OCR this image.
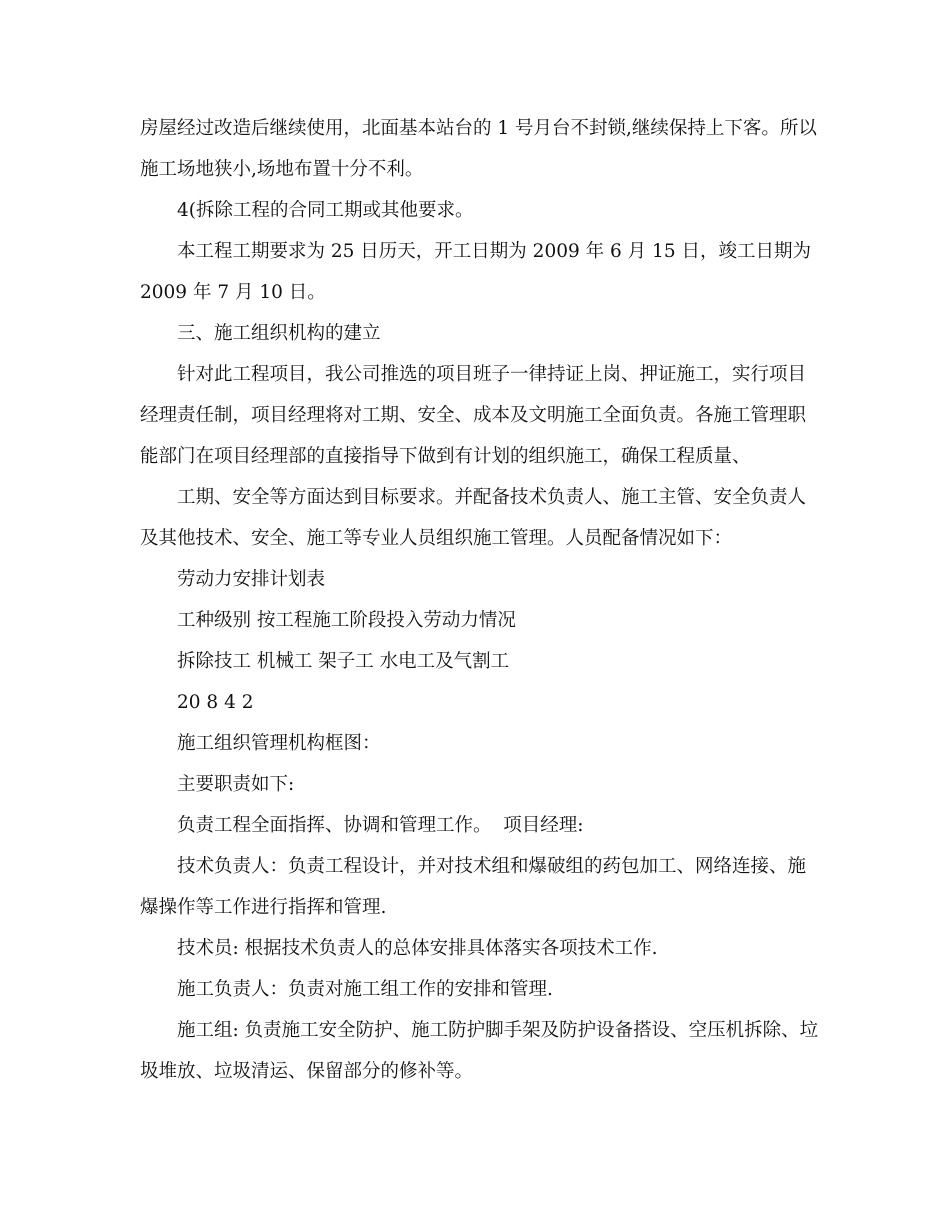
房屋经过改造后继续使用，北面基本站台的 1 号月台不封锁,继续保持上下客。所以施工场地狭小,场地布置十分不利。

4(拆除工程的合同工期或其他要求。

本工程工期要求为 25 日历天，开工日期为 2009 年 6 月 15 日，竣工日期为 2009 年 7 月 10 日。

三、施工组织机构的建立

针对此工程项目，我公司推选的项目班子一律持证上岗、押证施工，实行项目经理责任制，项目经理将对工期、安全、成本及文明施工全面负责。各施工管理职能部门在项目经理部的直接指导下做到有计划的组织施工，确保工程质量、

工期、安全等方面达到目标要求。并配备技术负责人、施工主管、安全负责人及其他技术、安全、施工等专业人员组织施工管理。人员配备情况如下：

劳动力安排计划表

工种级别 按工程施工阶段投入劳动力情况

拆除技工 机械工 架子工 水电工及气割工

20 8 4 2

施工组织管理机构框图：

主要职责如下:

负责工程全面指挥、协调和管理工作。  项目经理:

技术负责人：负责工程设计，并对技术组和爆破组的药包加工、网络连接、施爆操作等工作进行指挥和管理.

技术员: 根据技术负责人的总体安排具体落实各项技术工作.

施工负责人：负责对施工组工作的安排和管理.

施工组: 负责施工安全防护、施工防护脚手架及防护设备搭设、空压机拆除、垃圾堆放、垃圾清运、保留部分的修补等。
